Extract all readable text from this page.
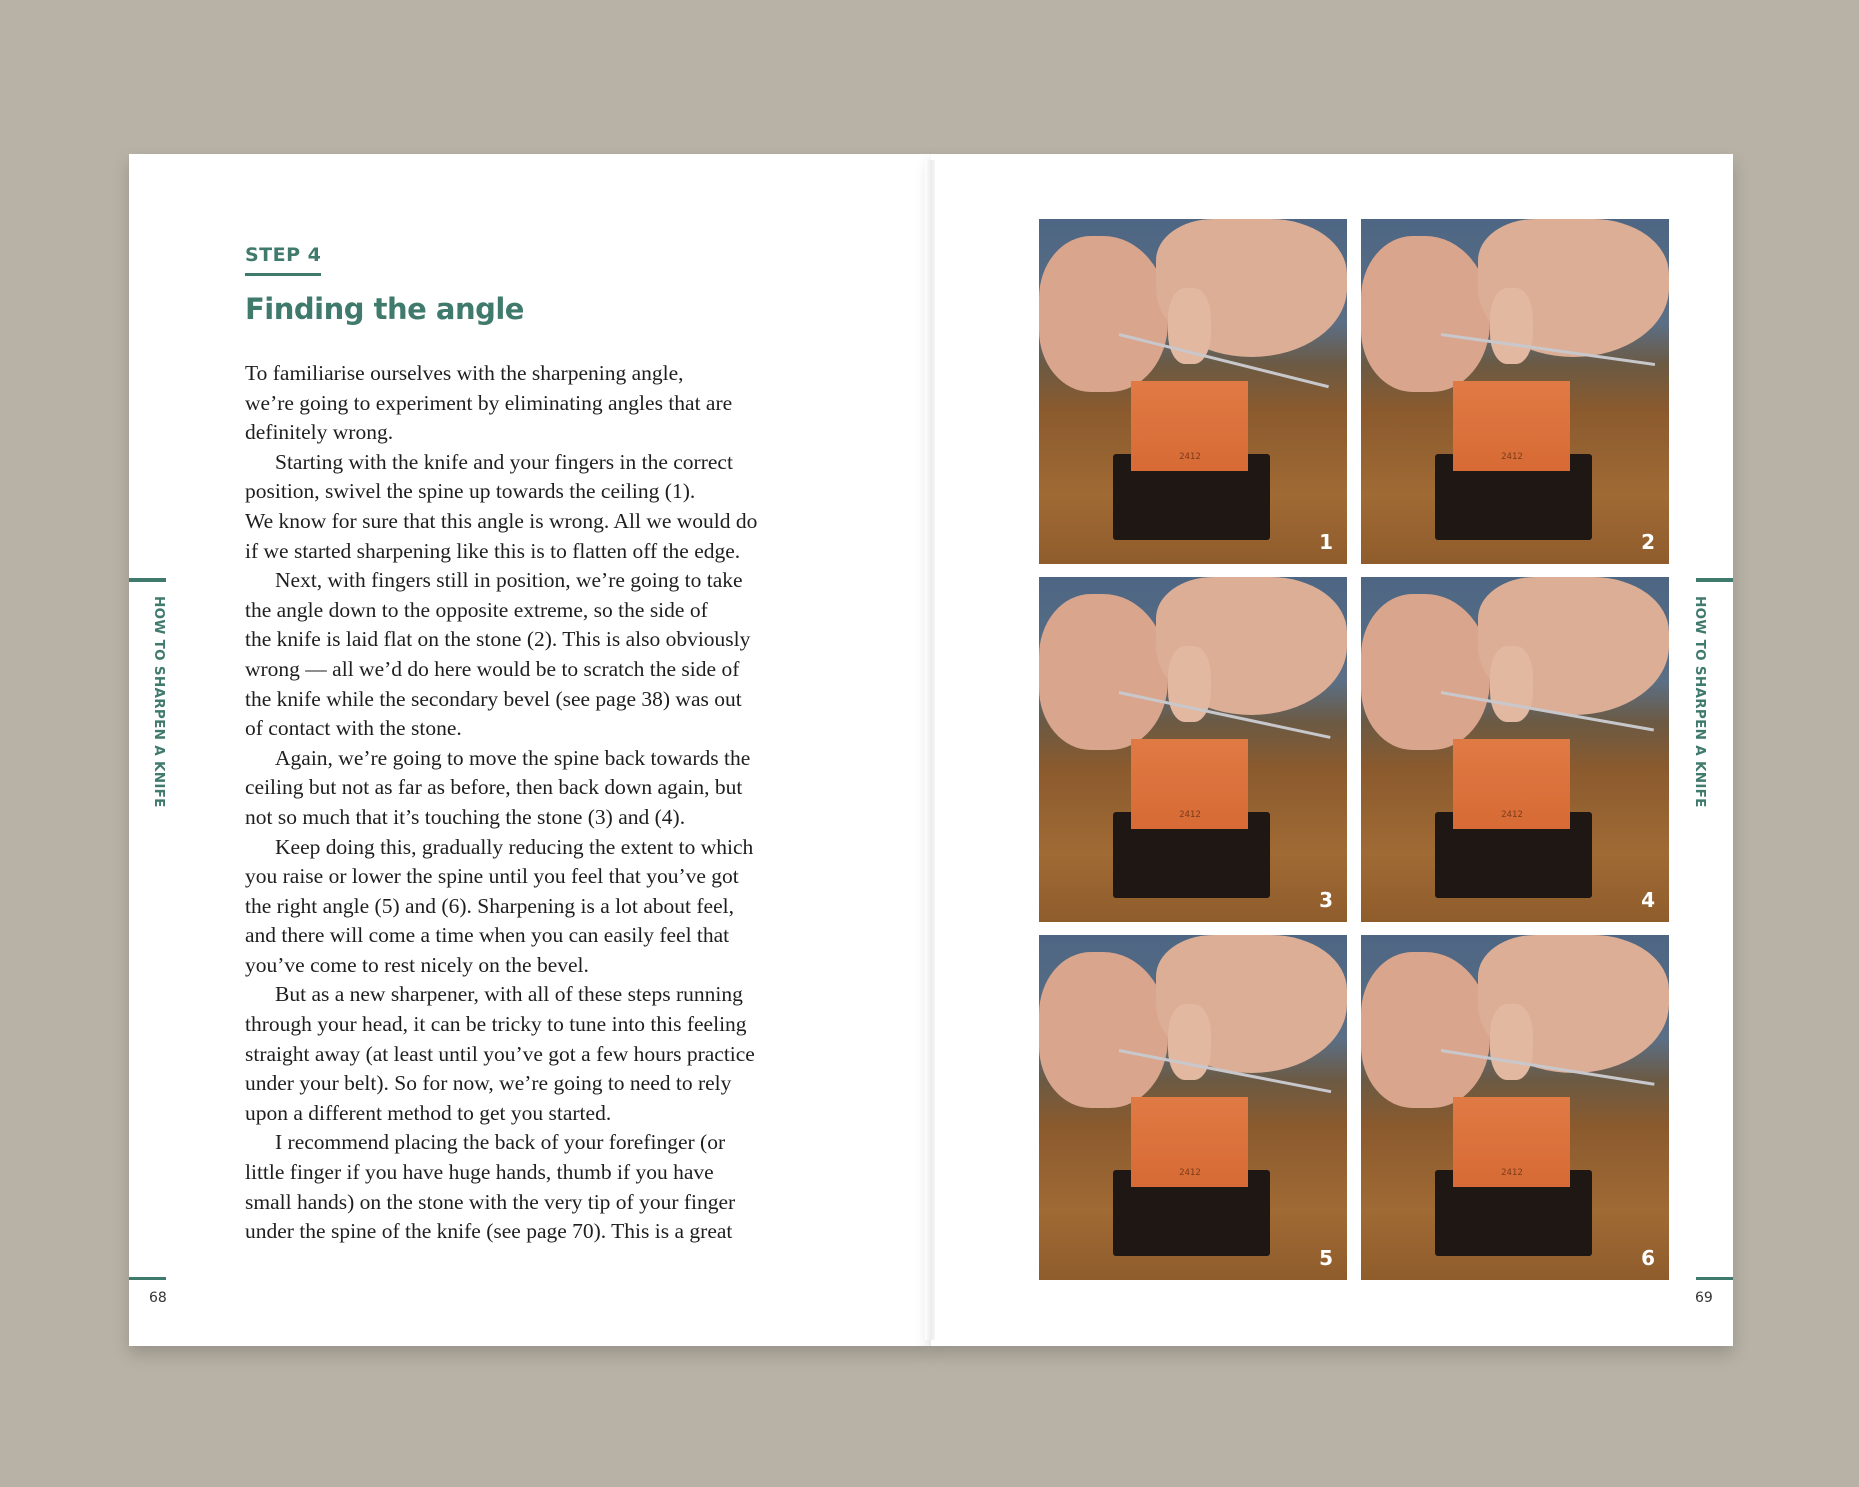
STEP 4
Finding the angle
To familiarise ourselves with the sharpening angle,
we’re going to experiment by eliminating angles that are
definitely wrong.
Starting with the knife and your fingers in the correct
position, swivel the spine up towards the ceiling (1).
We know for sure that this angle is wrong. All we would do
if we started sharpening like this is to flatten off the edge.
Next, with fingers still in position, we’re going to take
the angle down to the opposite extreme, so the side of
the knife is laid flat on the stone (2). This is also obviously
wrong — all we’d do here would be to scratch the side of
the knife while the secondary bevel (see page 38) was out
of contact with the stone.
Again, we’re going to move the spine back towards the
ceiling but not as far as before, then back down again, but
not so much that it’s touching the stone (3) and (4).
Keep doing this, gradually reducing the extent to which
you raise or lower the spine until you feel that you’ve got
the right angle (5) and (6). Sharpening is a lot about feel,
and there will come a time when you can easily feel that
you’ve come to rest nicely on the bevel.
But as a new sharpener, with all of these steps running
through your head, it can be tricky to tune into this feeling
straight away (at least until you’ve got a few hours practice
under your belt). So for now, we’re going to need to rely
upon a different method to get you started.
I recommend placing the back of your forefinger (or
little finger if you have huge hands, thumb if you have
small hands) on the stone with the very tip of your finger
under the spine of the knife (see page 70). This is a great
HOW TO SHARPEN A KNIFE
68
HOW TO SHARPEN A KNIFE
69
2412
1
2412
2
2412
3
2412
4
2412
5
2412
6
